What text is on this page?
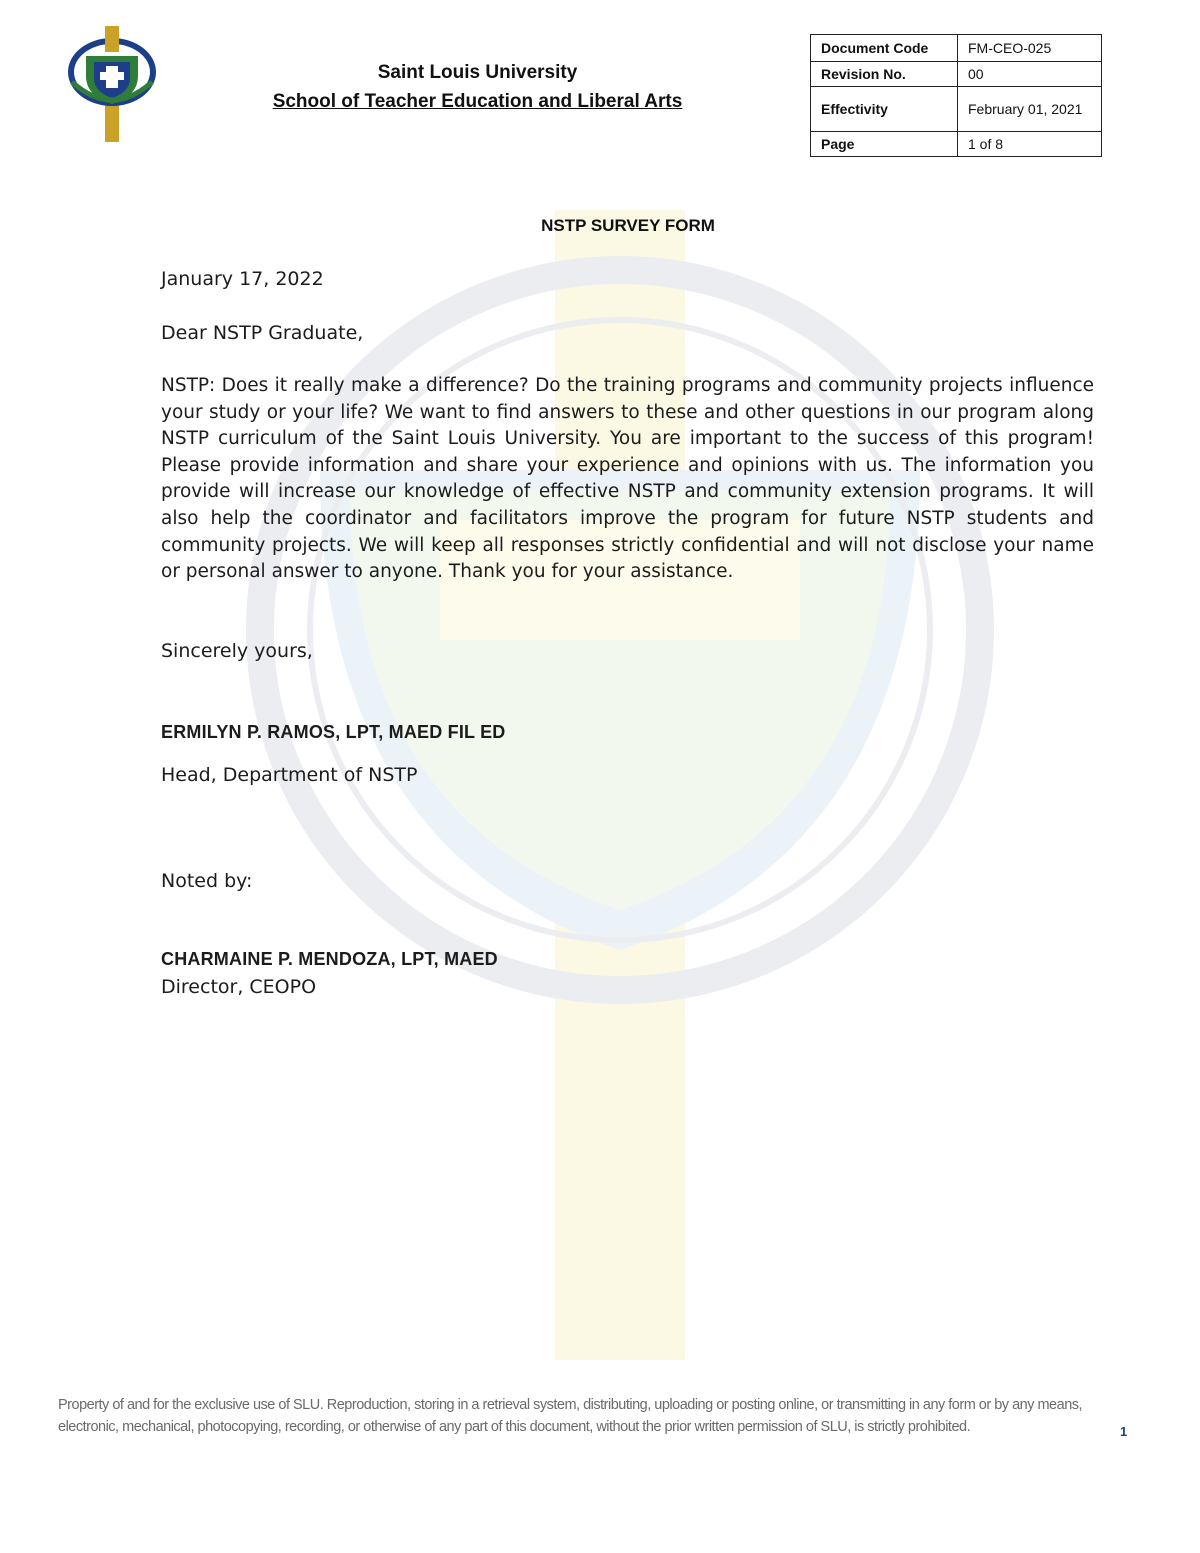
Saint Louis University
School of Teacher Education and Liberal Arts
Document Code	FM-CEO-025
Revision No.	00
Effectivity	February 01, 2021
Page	1 of 8
NSTP SURVEY FORM
January 17, 2022
Dear NSTP Graduate,
NSTP: Does it really make a difference? Do the training programs and community projects influence your study or your life? We want to find answers to these and other questions in our program along NSTP curriculum of the Saint Louis University. You are important to the success of this program! Please provide information and share your experience and opinions with us. The information you provide will increase our knowledge of effective NSTP and community extension programs. It will also help the coordinator and facilitators improve the program for future NSTP students and community projects. We will keep all responses strictly confidential and will not disclose your name or personal answer to anyone. Thank you for your assistance.
Sincerely yours,
ERMILYN P. RAMOS, LPT, MAED FIL ED
Head, Department of NSTP
Noted by:
CHARMAINE P. MENDOZA, LPT, MAED
Director, CEOPO
Property of and for the exclusive use of SLU. Reproduction, storing in a retrieval system, distributing, uploading or posting online, or transmitting in any form or by any means, electronic, mechanical, photocopying, recording, or otherwise of any part of this document, without the prior written permission of SLU, is strictly prohibited.	1
